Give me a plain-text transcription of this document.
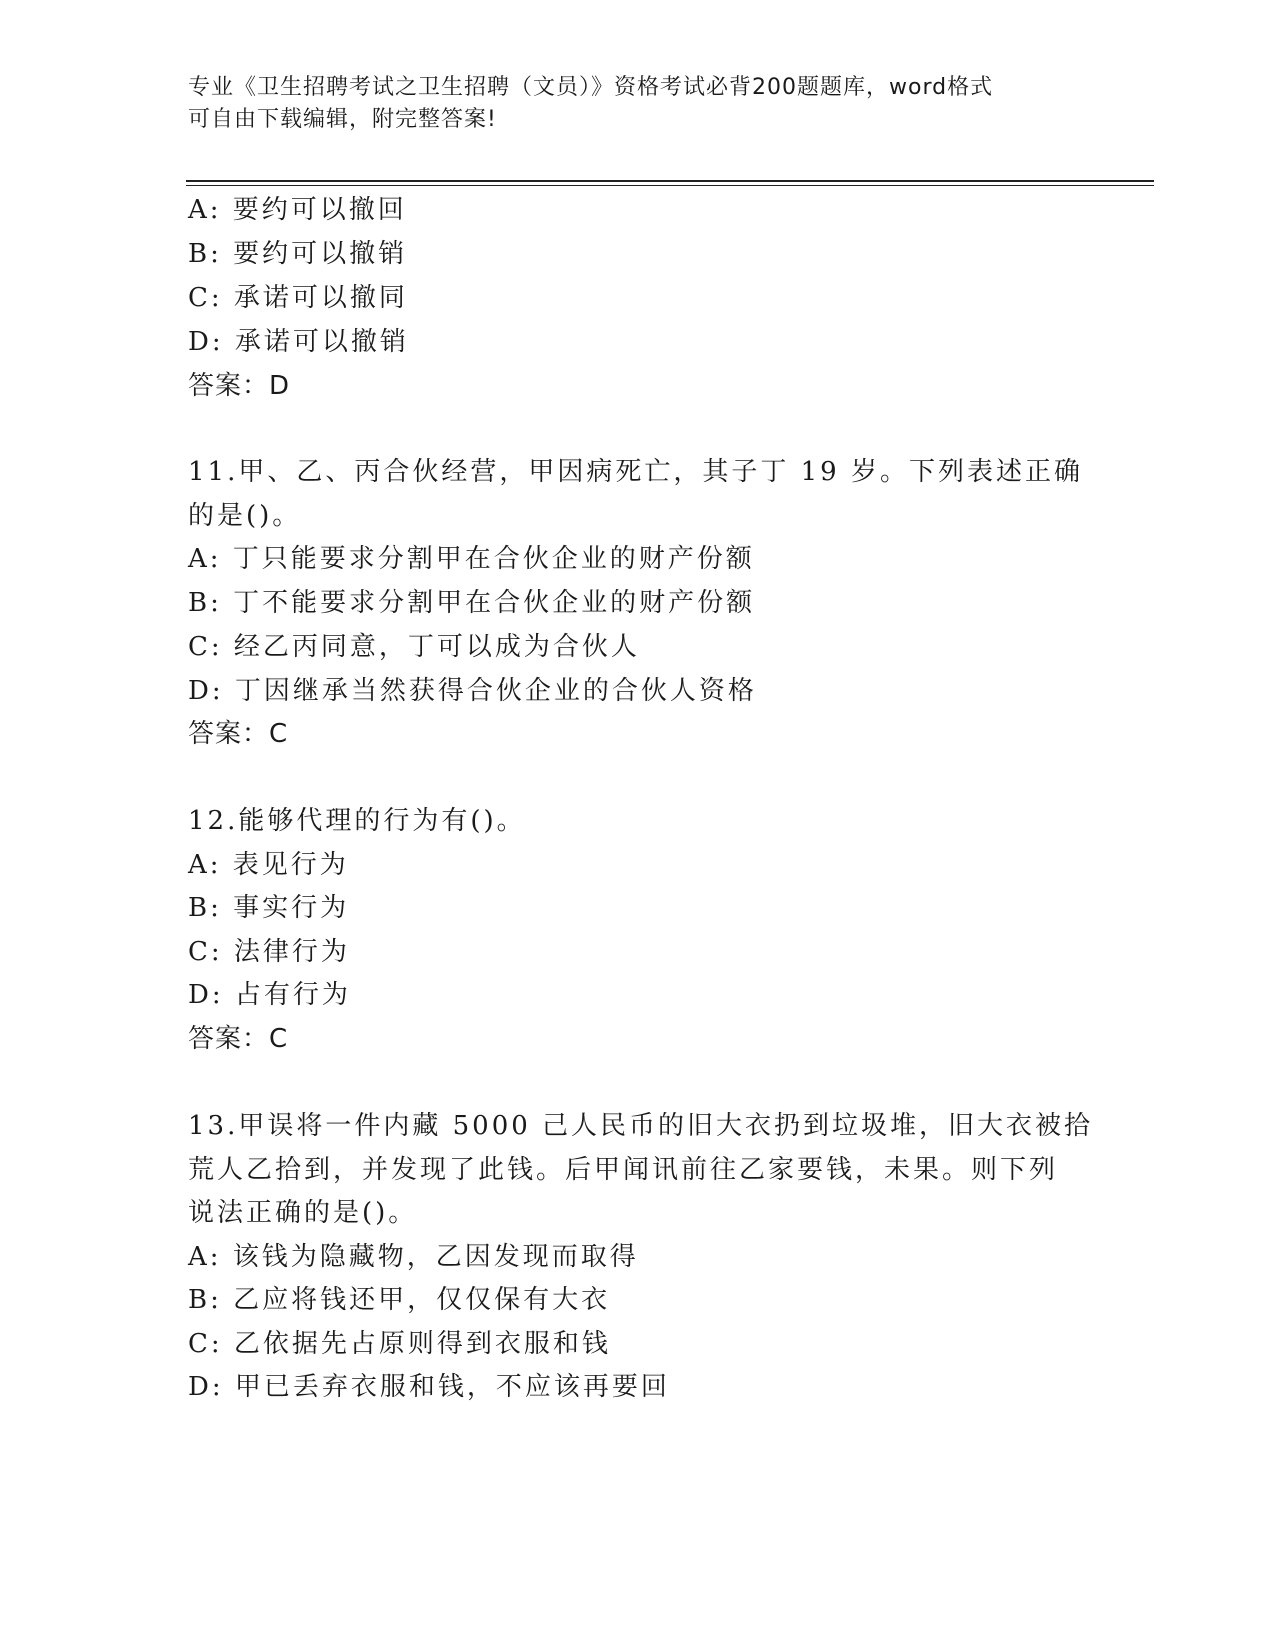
专业《卫生招聘考试之卫生招聘（文员）》资格考试必背200题题库，word格式
可自由下载编辑，附完整答案!
A: 要约可以撤回
B: 要约可以撤销
C: 承诺可以撤同
D: 承诺可以撤销
答案：D
11.甲、乙、丙合伙经营，甲因病死亡，其子丁 19 岁。下列表述正确
的是()。
A: 丁只能要求分割甲在合伙企业的财产份额
B: 丁不能要求分割甲在合伙企业的财产份额
C: 经乙丙同意，丁可以成为合伙人
D: 丁因继承当然获得合伙企业的合伙人资格
答案：C
12.能够代理的行为有()。
A: 表见行为
B: 事实行为
C: 法律行为
D: 占有行为
答案：C
13.甲误将一件内藏 5000 己人民币的旧大衣扔到垃圾堆，旧大衣被拾
荒人乙拾到，并发现了此钱。后甲闻讯前往乙家要钱，未果。则下列
说法正确的是()。
A: 该钱为隐藏物，乙因发现而取得
B: 乙应将钱还甲，仅仅保有大衣
C: 乙依据先占原则得到衣服和钱
D: 甲已丢弃衣服和钱，不应该再要回
